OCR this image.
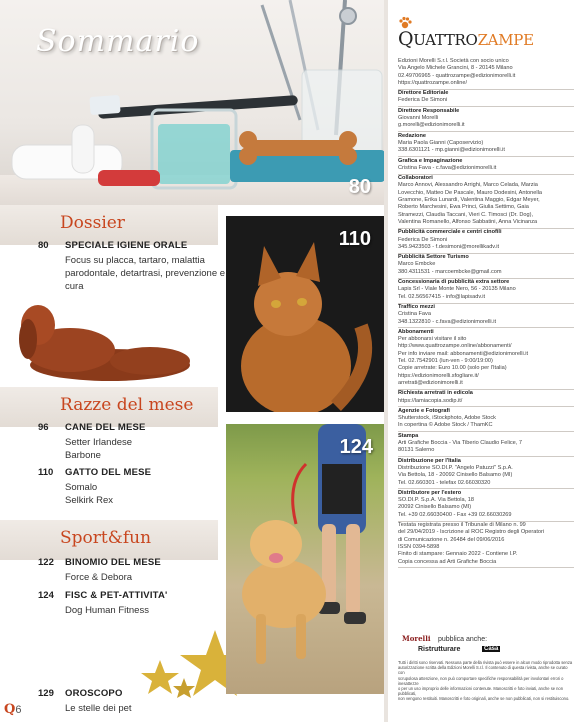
Sommario
80
Dossier
80 SPECIALE IGIENE ORALE
Focus su placca, tartaro, malattia parodontale, detartrasi, prevenzione e cura
Razze del mese
96 CANE DEL MESE
Setter Irlandese
Barbone
110 GATTO DEL MESE
Somalo
Selkirk Rex
Sport&fun
122 BINOMIO DEL MESE
Force & Debora
124 FISC & PET-ATTIVITA'
Dog Human Fitness
129 OROSCOPO
Le stelle dei pet
110
124
Q6
QUATTROZAMPE
Edizioni Morelli S.r.l. Società con socio unico
Via Angelo Michele Grancini, 8 - 20145 Milano
02.49706965 - quattrozampe@edizionimorelli.it
https://quattrozampe.online/
Direttore Editoriale
Federica De Simoni
Direttore Responsabile
Giovanni Morelli
g.morelli@edizionimorelli.it
Redazione
Maria Paola Gianni (Caposervizio)
338.6301121 - mp.gianni@edizionimorelli.it
Grafica e Impaginazione
Cristina Fava - c.fava@edizionimorelli.it
Collaboratori
Marco Annovi, Alessandro Arrighi, Marco Celada, Marzia
Lovecchio, Matteo De Pascale, Mauro Dodesini, Antonella
Gramone, Erika Lunardi, Valentina Maggio, Edgar Meyer,
Roberto Marchesini, Ewa Princi, Giulia Settimo, Gaia
Stramezzi, Claudia Taccani, Vieri C. Timosci (Dr. Dog),
Valentina Romanello, Alfonso Sabbatini, Anna Vicinanza
Pubblicità commerciale e centri cinofili
Federica De Simoni
345.9423503 - f.desimoni@morellikadv.it
Pubblicità Settore Turismo
Marco Embcke
380.4311531 - marcoembcke@gmail.com
Concessionaria di pubblicità extra settore
Lapis Srl - Viale Monte Nero, 56 - 20135 Milano
Tel. 02.56567415 - info@lapisadv.it
Traffico mezzi
Cristina Fava
348.1322810 - c.fava@edizionimorelli.it
Abbonamenti
Per abbonarsi visitare il sito
http://www.quattrozampe.online/abbonamenti/
Per info inviare mail: abbonamenti@edizionimorelli.it
Tel. 02.7542901 (lun-ven - 9:00/19:00)
Copie arretrate: Euro 10.00 (solo per l'Italia)
https://edizionimorelli.sfogliare.it/
arretrati@edizionimorelli.it
Richiesta arretrati in edicola
https://lamiacopia.sodip.it/
Agenzie e Fotografi
Shutterstock, iStockphoto, Adobe Stock
In copertina © Adobe Stock / ThamKC
Stampa
Arti Grafiche Boccia - Via Tiberio Claudio Felice, 7
80131 Salerno
Distribuzione per l'Italia
Distribuzione SO.DI.P. "Angelo Patuzzi" S.p.A.
Via Bettola, 18 - 20092 Cinisello Balsamo (MI)
Tel. 02.660301 - telefax 02.66030320
Distributore per l'estero
SO.DI.P. S.p.A. Via Bettola, 18
20092 Cinisello Balsamo (MI)
Tel. +39 02.66030400 - Fax +39 02.66030269
Testata registrata presso il Tribunale di Milano n. 99
del 29/04/2019 - Iscrizione al ROC Registro degli Operatori
di Comunicazione n. 26484 del 09/06/2016
ISSN 0394-5898
Finito di stampare: Gennaio 2022 - Contiene I.P.
Copia concessa ad Arti Grafiche Boccia
Tutti i diritti sono riservati. Nessuna parte della rivista può essere in alcun modo riprodotta senza
autorizzazione scritta della Edizioni Morelli S.r.l. Il contenuto di questa rivista, anche se curato con
scrupolosa attenzione, non può comportare specifiche responsabilità per involontari errori o inesattezze
o per un uso improprio delle informazioni contenute. Manoscritti e foto inviati, anche se non pubblicati,
non vengono restituiti. Manoscritti e foto originali, anche se non pubblicati, non si restituiscono.
Morelli pubblica anche:
Casa
Ristrutturare
